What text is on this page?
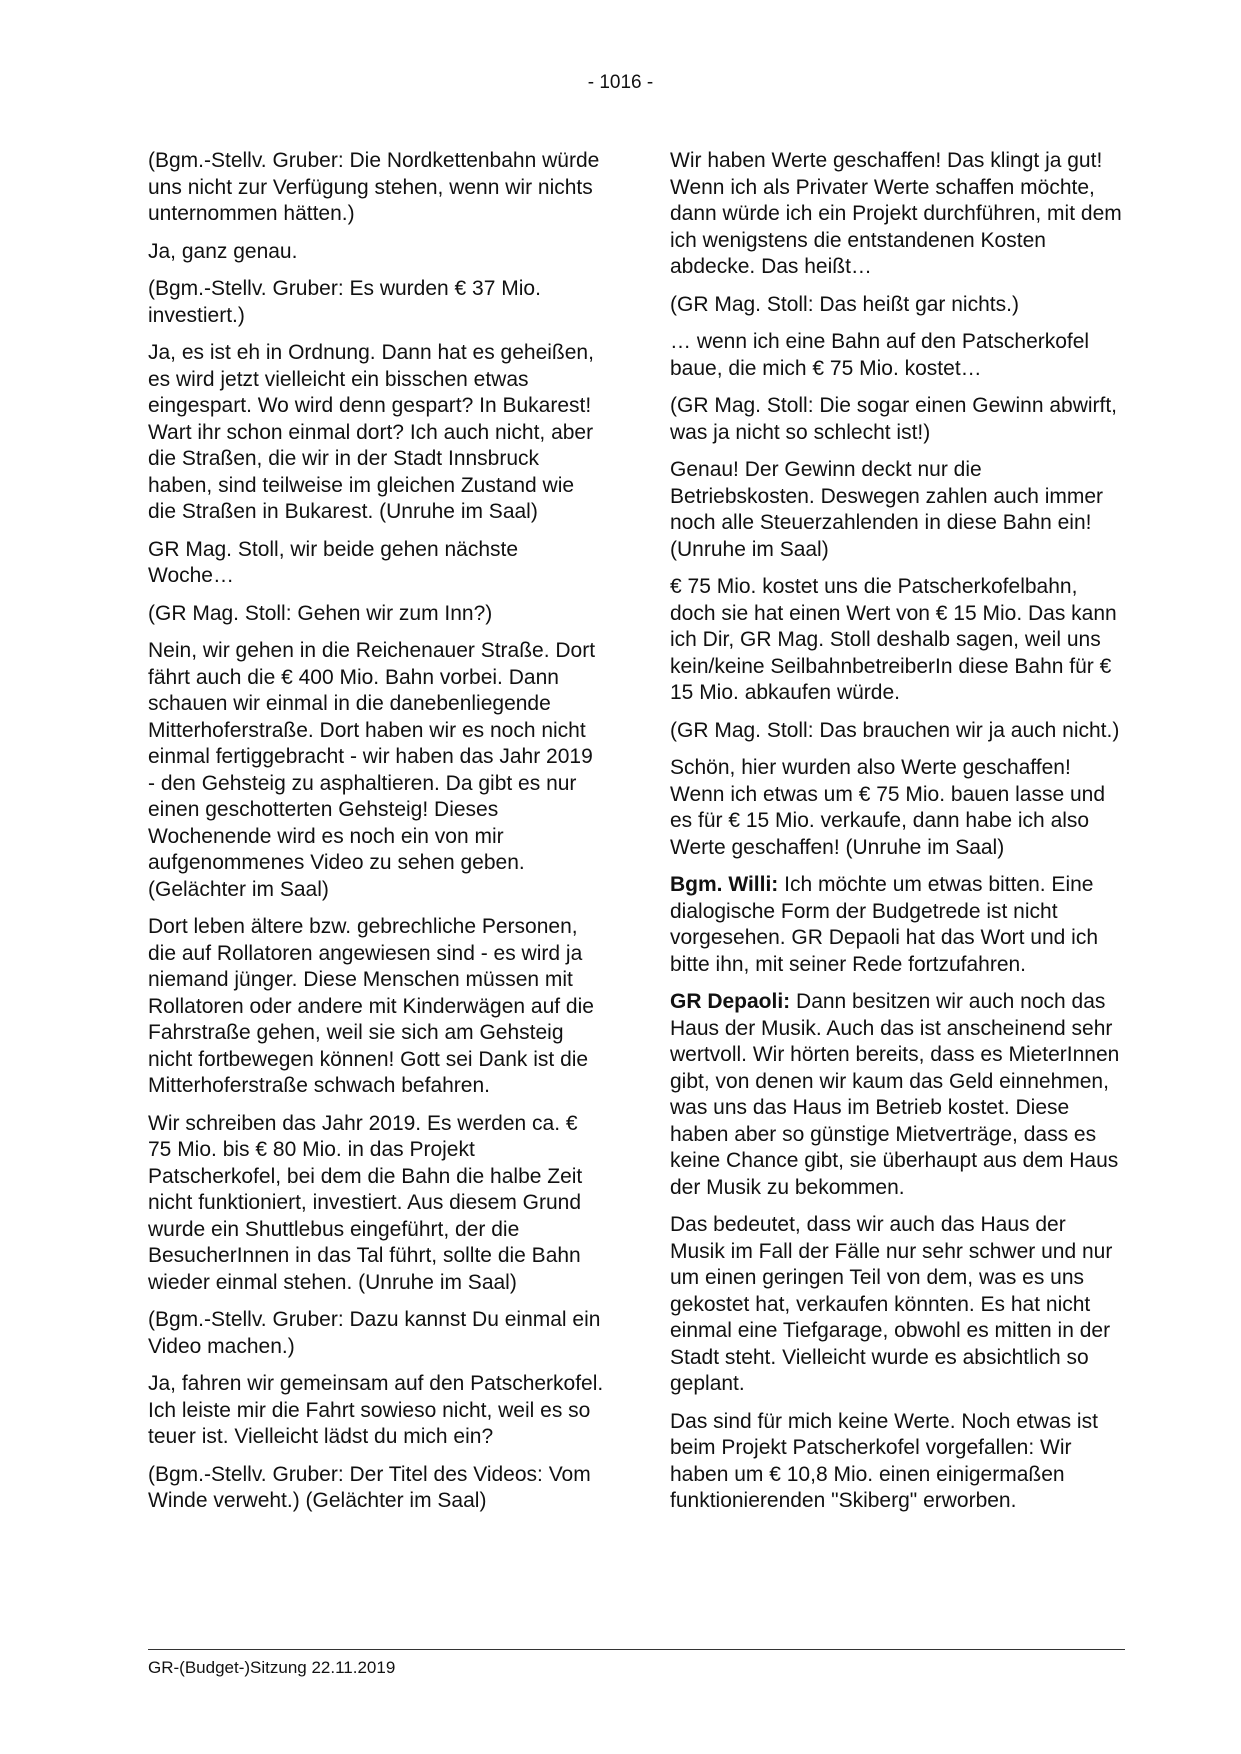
- 1016 -

(Bgm.-Stellv. Gruber: Die Nordkettenbahn würde uns nicht zur Verfügung stehen, wenn wir nichts unternommen hätten.)

Ja, ganz genau.

(Bgm.-Stellv. Gruber: Es wurden € 37 Mio. investiert.)

Ja, es ist eh in Ordnung. Dann hat es geheißen, es wird jetzt vielleicht ein bisschen etwas eingespart. Wo wird denn gespart? In Bukarest! Wart ihr schon einmal dort? Ich auch nicht, aber die Straßen, die wir in der Stadt Innsbruck haben, sind teilweise im gleichen Zustand wie die Straßen in Bukarest. (Unruhe im Saal)

GR Mag. Stoll, wir beide gehen nächste Woche…

(GR Mag. Stoll: Gehen wir zum Inn?)

Nein, wir gehen in die Reichenauer Straße. Dort fährt auch die € 400 Mio. Bahn vorbei. Dann schauen wir einmal in die danebenliegende Mitterhoferstraße. Dort haben wir es noch nicht einmal fertiggebracht - wir haben das Jahr 2019 - den Gehsteig zu asphaltieren. Da gibt es nur einen geschotterten Gehsteig! Dieses Wochenende wird es noch ein von mir aufgenommenes Video zu sehen geben. (Gelächter im Saal)

Dort leben ältere bzw. gebrechliche Personen, die auf Rollatoren angewiesen sind - es wird ja niemand jünger. Diese Menschen müssen mit Rollatoren oder andere mit Kinderwägen auf die Fahrstraße gehen, weil sie sich am Gehsteig nicht fortbewegen können! Gott sei Dank ist die Mitterhoferstraße schwach befahren.

Wir schreiben das Jahr 2019. Es werden ca. € 75 Mio. bis € 80 Mio. in das Projekt Patscherkofel, bei dem die Bahn die halbe Zeit nicht funktioniert, investiert. Aus diesem Grund wurde ein Shuttlebus eingeführt, der die BesucherInnen in das Tal führt, sollte die Bahn wieder einmal stehen. (Unruhe im Saal)

(Bgm.-Stellv. Gruber: Dazu kannst Du einmal ein Video machen.)

Ja, fahren wir gemeinsam auf den Patscherkofel. Ich leiste mir die Fahrt sowieso nicht, weil es so teuer ist. Vielleicht lädst du mich ein?

(Bgm.-Stellv. Gruber: Der Titel des Videos: Vom Winde verweht.) (Gelächter im Saal)

Wir haben Werte geschaffen! Das klingt ja gut! Wenn ich als Privater Werte schaffen möchte, dann würde ich ein Projekt durchführen, mit dem ich wenigstens die entstandenen Kosten abdecke. Das heißt…

(GR Mag. Stoll: Das heißt gar nichts.)

… wenn ich eine Bahn auf den Patscherkofel baue, die mich € 75 Mio. kostet…

(GR Mag. Stoll: Die sogar einen Gewinn abwirft, was ja nicht so schlecht ist!)

Genau! Der Gewinn deckt nur die Betriebskosten. Deswegen zahlen auch immer noch alle Steuerzahlenden in diese Bahn ein! (Unruhe im Saal)

€ 75 Mio. kostet uns die Patscherkofelbahn, doch sie hat einen Wert von € 15 Mio. Das kann ich Dir, GR Mag. Stoll deshalb sagen, weil uns kein/keine SeilbahnbetreiberIn diese Bahn für € 15 Mio. abkaufen würde.

(GR Mag. Stoll: Das brauchen wir ja auch nicht.)

Schön, hier wurden also Werte geschaffen! Wenn ich etwas um € 75 Mio. bauen lasse und es für € 15 Mio. verkaufe, dann habe ich also Werte geschaffen! (Unruhe im Saal)

Bgm. Willi: Ich möchte um etwas bitten. Eine dialogische Form der Budgetrede ist nicht vorgesehen. GR Depaoli hat das Wort und ich bitte ihn, mit seiner Rede fortzufahren.

GR Depaoli: Dann besitzen wir auch noch das Haus der Musik. Auch das ist anscheinend sehr wertvoll. Wir hörten bereits, dass es MieterInnen gibt, von denen wir kaum das Geld einnehmen, was uns das Haus im Betrieb kostet. Diese haben aber so günstige Mietverträge, dass es keine Chance gibt, sie überhaupt aus dem Haus der Musik zu bekommen.

Das bedeutet, dass wir auch das Haus der Musik im Fall der Fälle nur sehr schwer und nur um einen geringen Teil von dem, was es uns gekostet hat, verkaufen könnten. Es hat nicht einmal eine Tiefgarage, obwohl es mitten in der Stadt steht. Vielleicht wurde es absichtlich so geplant.

Das sind für mich keine Werte. Noch etwas ist beim Projekt Patscherkofel vorgefallen: Wir haben um € 10,8 Mio. einen einigermaßen funktionierenden "Skiberg" erworben.

GR-(Budget-)Sitzung 22.11.2019
